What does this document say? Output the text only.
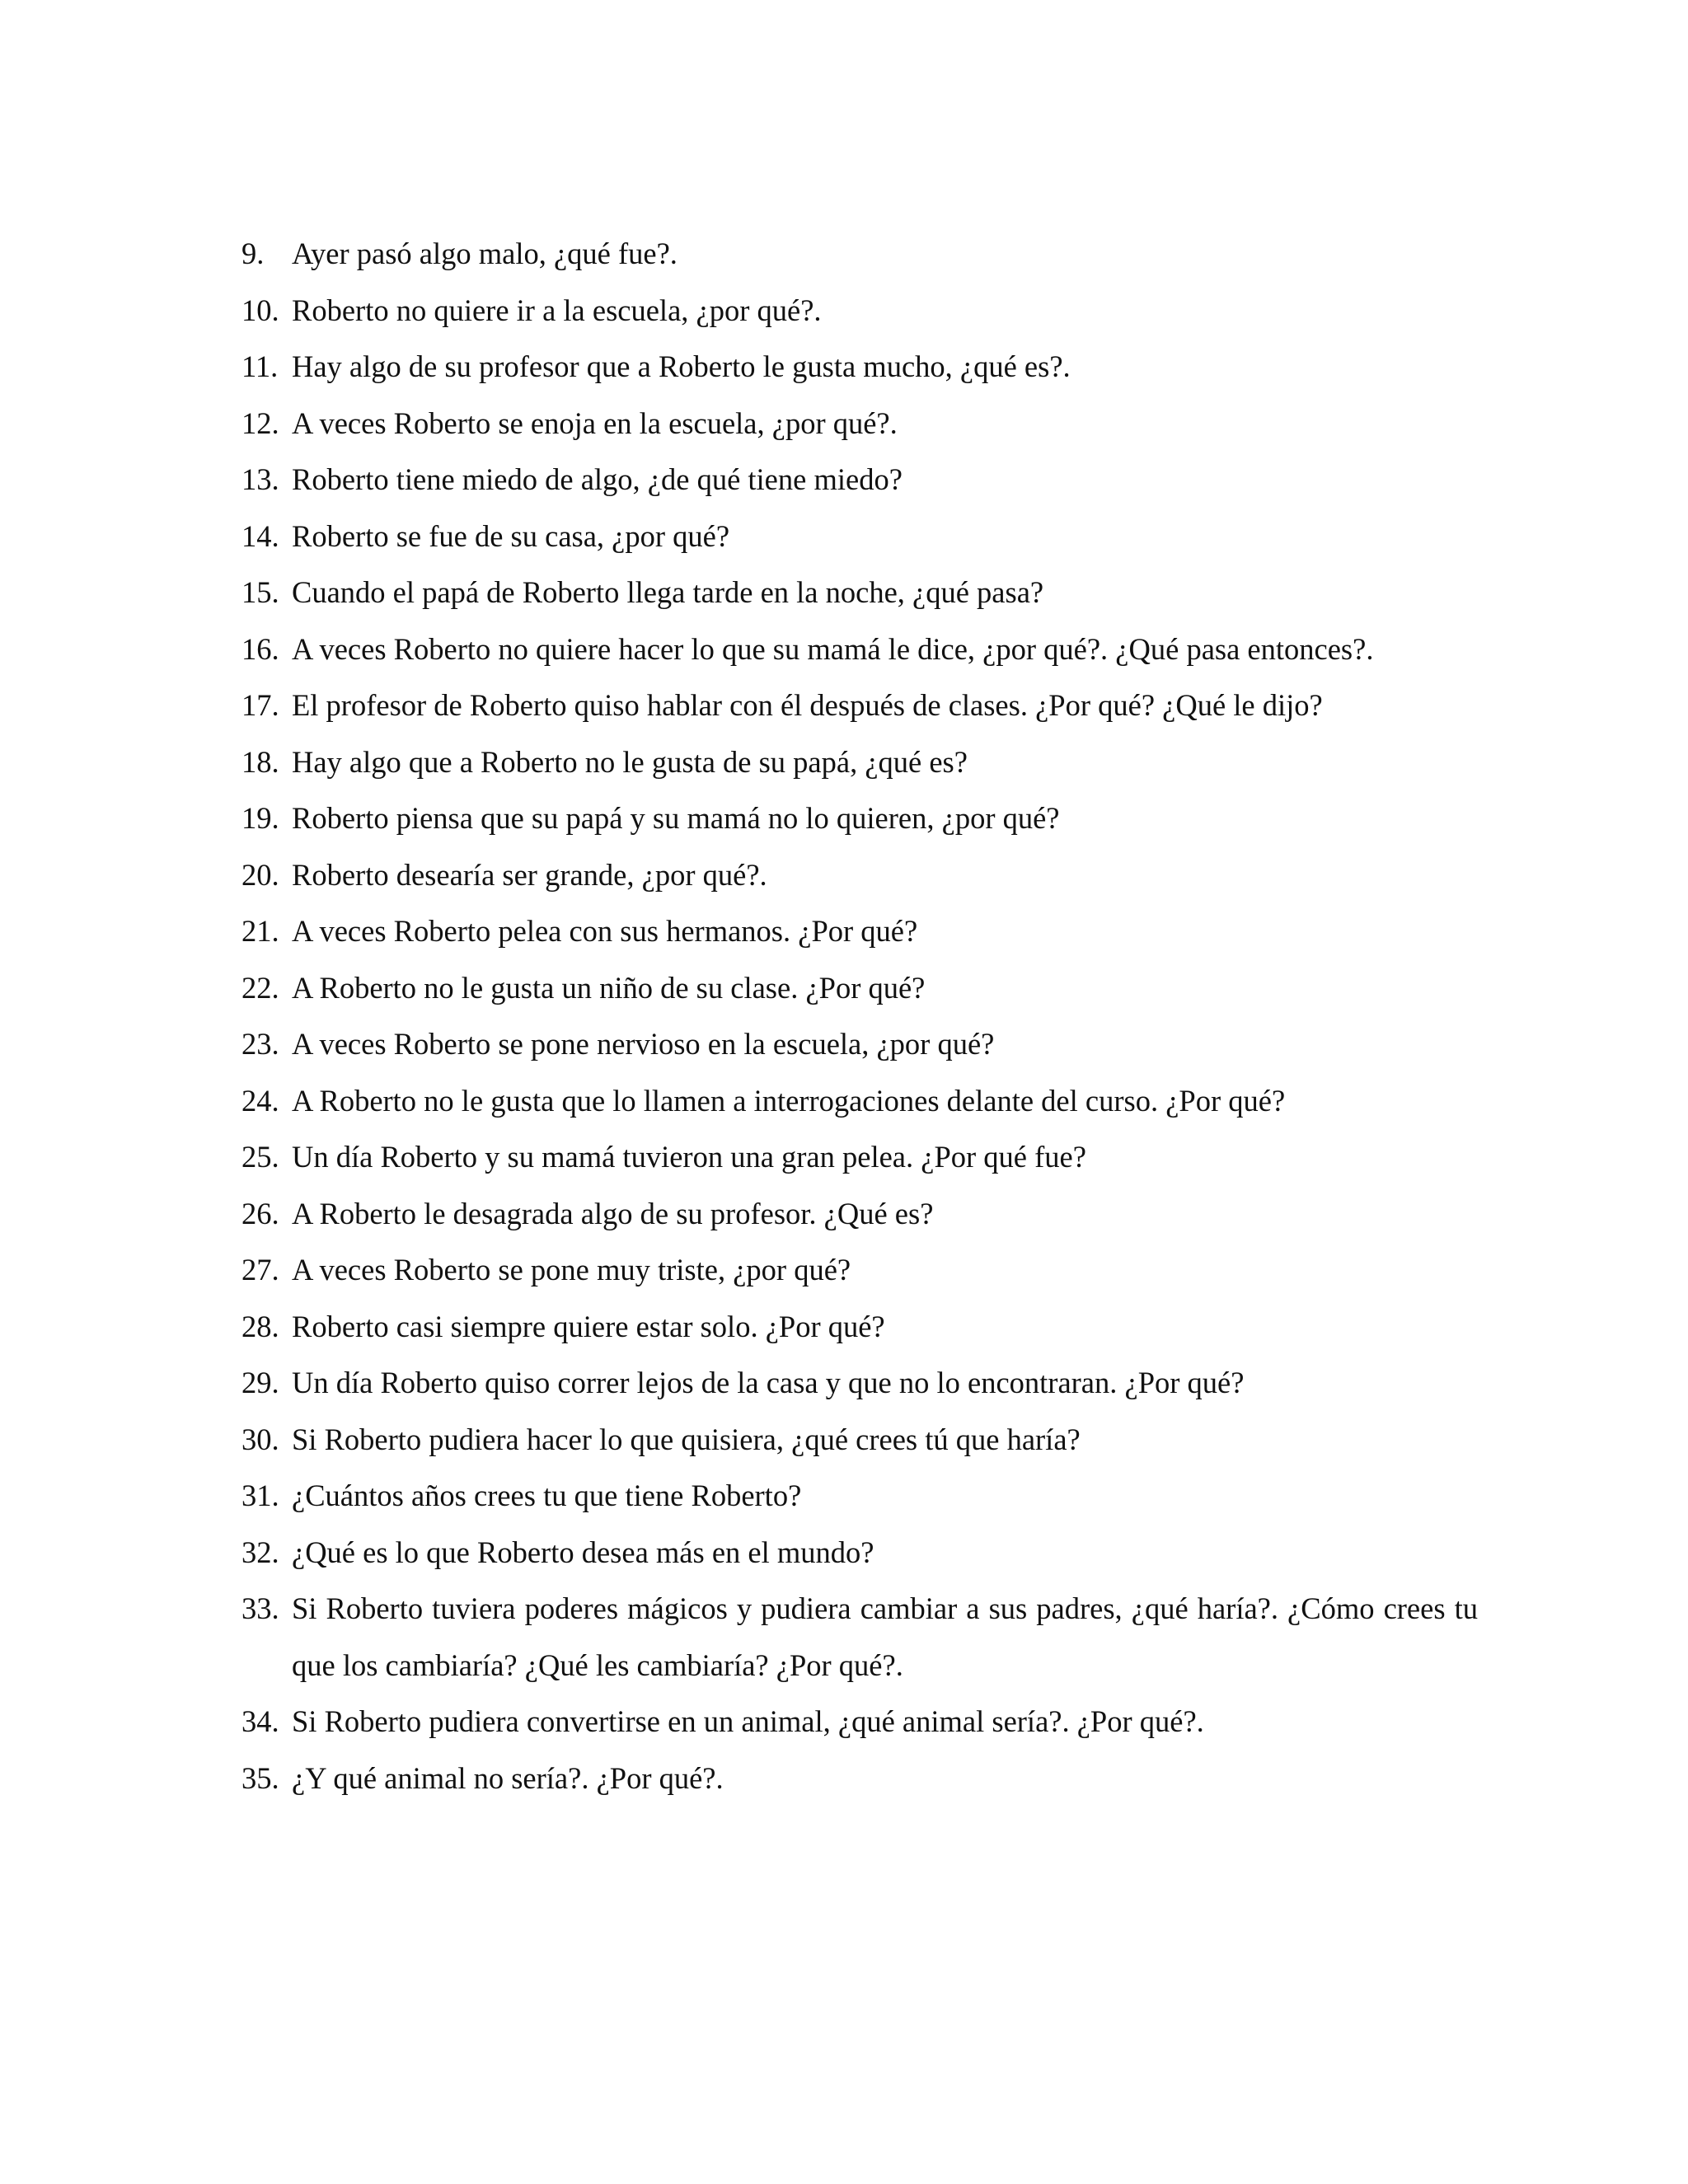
9. Ayer pasó algo malo, ¿qué fue?.
10. Roberto no quiere ir a la escuela, ¿por qué?.
11. Hay algo de su profesor que a Roberto le gusta mucho, ¿qué es?.
12. A veces Roberto se enoja en la escuela, ¿por qué?.
13. Roberto tiene miedo de algo, ¿de qué tiene miedo?
14. Roberto se fue de su casa, ¿por qué?
15. Cuando el papá de Roberto llega tarde en la noche, ¿qué pasa?
16. A veces Roberto no quiere hacer lo que su mamá le dice, ¿por qué?. ¿Qué pasa entonces?.
17. El profesor de Roberto quiso hablar con él después de clases. ¿Por qué? ¿Qué le dijo?
18. Hay algo que a Roberto no le gusta de su papá, ¿qué es?
19. Roberto piensa que su papá y su mamá no lo quieren, ¿por qué?
20. Roberto desearía ser grande, ¿por qué?.
21. A veces Roberto pelea con sus hermanos. ¿Por qué?
22. A Roberto no le gusta un niño de su clase. ¿Por qué?
23. A veces Roberto se pone nervioso en la escuela, ¿por qué?
24. A Roberto no le gusta que lo llamen a interrogaciones delante del curso. ¿Por qué?
25. Un día Roberto y su mamá tuvieron una gran pelea. ¿Por qué fue?
26. A Roberto le desagrada algo de su profesor. ¿Qué es?
27. A veces Roberto se pone muy triste, ¿por qué?
28. Roberto casi siempre quiere estar solo. ¿Por qué?
29. Un día Roberto quiso correr lejos de la casa y que no lo encontraran. ¿Por qué?
30. Si Roberto pudiera hacer lo que quisiera, ¿qué crees tú que haría?
31. ¿Cuántos años crees tu que tiene Roberto?
32. ¿Qué es lo que Roberto desea más en el mundo?
33. Si Roberto tuviera poderes mágicos y pudiera cambiar a sus padres, ¿qué haría?. ¿Cómo crees tu que los cambiaría? ¿Qué les cambiaría? ¿Por qué?.
34. Si Roberto pudiera convertirse en un animal, ¿qué animal sería?. ¿Por qué?.
35. ¿Y qué animal no sería?. ¿Por qué?.
